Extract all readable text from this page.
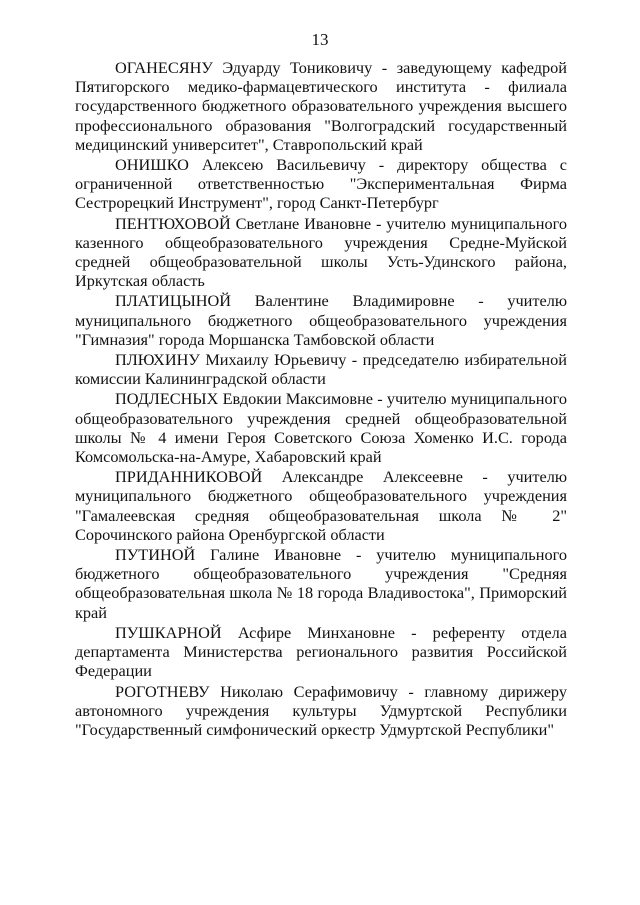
13

ОГАНЕСЯНУ Эдуарду Тониковичу - заведующему кафедрой Пятигорского медико-фармацевтического института - филиала государственного бюджетного образовательного учреждения высшего профессионального образования "Волгоградский государственный медицинский университет", Ставропольский край

ОНИШКО Алексею Васильевичу - директору общества с ограниченной ответственностью "Экспериментальная Фирма Сестрорецкий Инструмент", город Санкт-Петербург

ПЕНТЮХОВОЙ Светлане Ивановне - учителю муниципального казенного общеобразовательного учреждения Средне-Муйской средней общеобразовательной школы Усть-Удинского района, Иркутская область

ПЛАТИЦЫНОЙ Валентине Владимировне - учителю муниципального бюджетного общеобразовательного учреждения "Гимназия" города Моршанска Тамбовской области

ПЛЮХИНУ Михаилу Юрьевичу - председателю избирательной комиссии Калининградской области

ПОДЛЕСНЫХ Евдокии Максимовне - учителю муниципального общеобразовательного учреждения средней общеобразовательной школы № 4 имени Героя Советского Союза Хоменко И.С. города Комсомольска-на-Амуре, Хабаровский край

ПРИДАННИКОВОЙ Александре Алексеевне - учителю муниципального бюджетного общеобразовательного учреждения "Гамалеевская средняя общеобразовательная школа № 2" Сорочинского района Оренбургской области

ПУТИНОЙ Галине Ивановне - учителю муниципального бюджетного общеобразовательного учреждения "Средняя общеобразовательная школа № 18 города Владивостока", Приморский край

ПУШКАРНОЙ Асфире Минхановне - референту отдела департамента Министерства регионального развития Российской Федерации

РОГОТНЕВУ Николаю Серафимовичу - главному дирижеру автономного учреждения культуры Удмуртской Республики "Государственный симфонический оркестр Удмуртской Республики"
